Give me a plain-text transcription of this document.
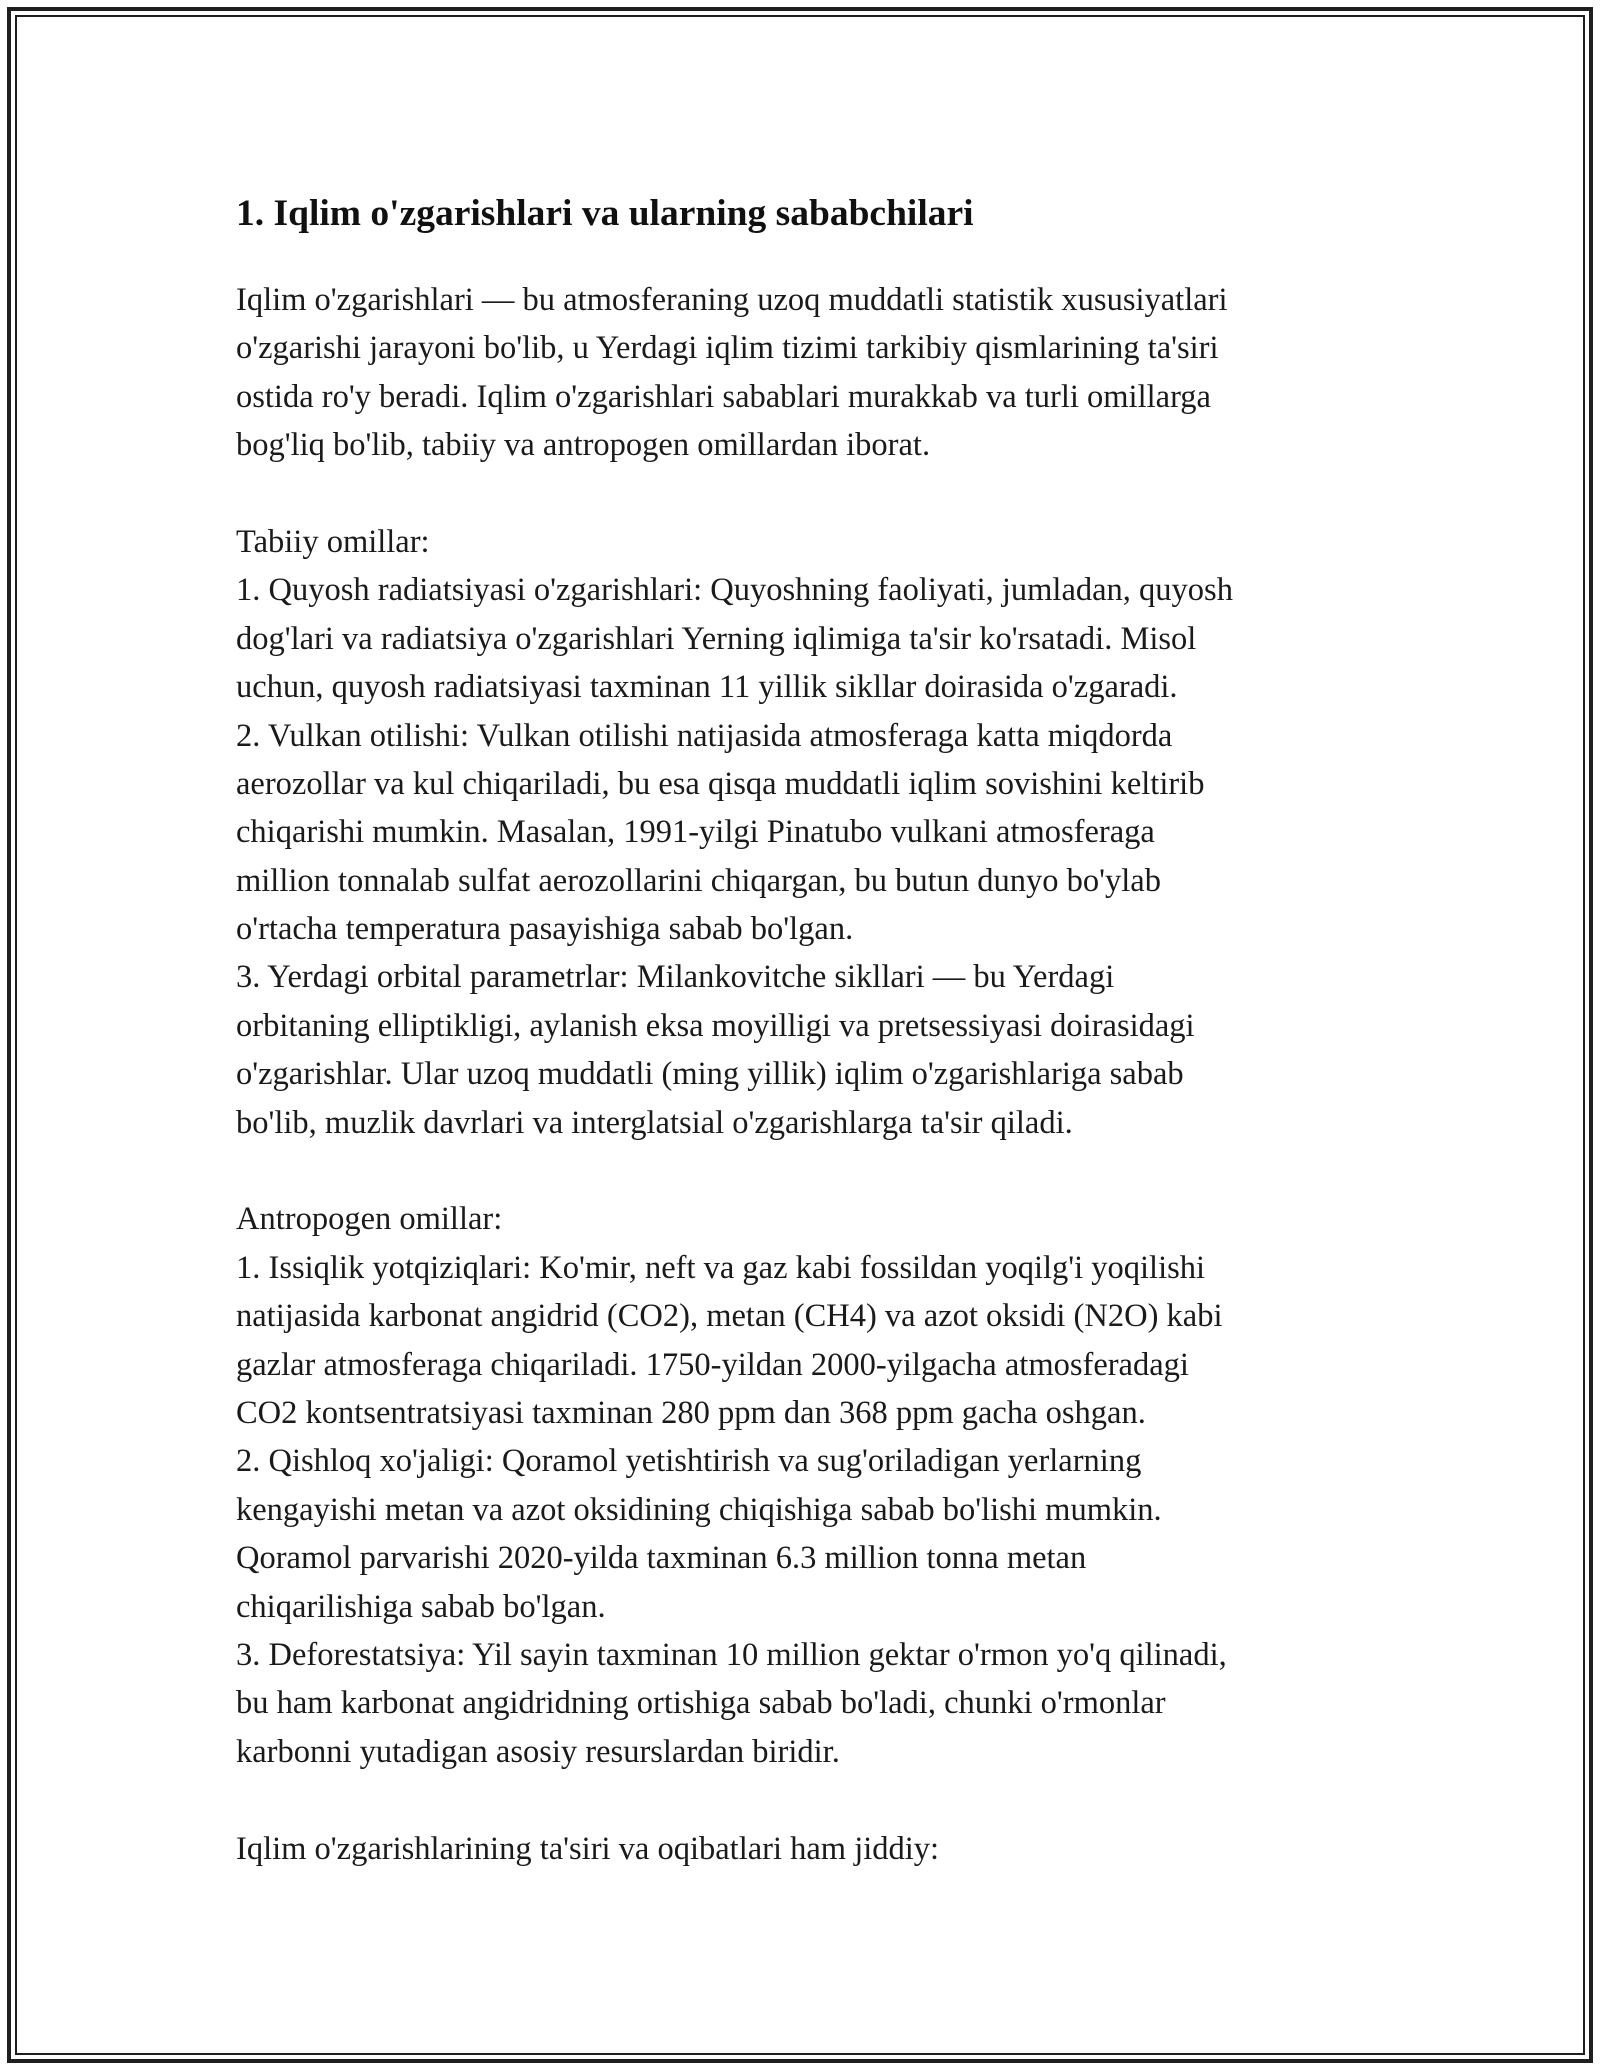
1. Iqlim o'zgarishlari va ularning sababchilari

Iqlim o'zgarishlari — bu atmosferaning uzoq muddatli statistik xususiyatlari
o'zgarishi jarayoni bo'lib, u Yerdagi iqlim tizimi tarkibiy qismlarining ta'siri
ostida ro'y beradi. Iqlim o'zgarishlari sabablari murakkab va turli omillarga
bog'liq bo'lib, tabiiy va antropogen omillardan iborat.

Tabiiy omillar:
1. Quyosh radiatsiyasi o'zgarishlari: Quyoshning faoliyati, jumladan, quyosh
dog'lari va radiatsiya o'zgarishlari Yerning iqlimiga ta'sir ko'rsatadi. Misol
uchun, quyosh radiatsiyasi taxminan 11 yillik sikllar doirasida o'zgaradi.
2. Vulkan otilishi: Vulkan otilishi natijasida atmosferaga katta miqdorda
aerozollar va kul chiqariladi, bu esa qisqa muddatli iqlim sovishini keltirib
chiqarishi mumkin. Masalan, 1991-yilgi Pinatubo vulkani atmosferaga
million tonnalab sulfat aerozollarini chiqargan, bu butun dunyo bo'ylab
o'rtacha temperatura pasayishiga sabab bo'lgan.
3. Yerdagi orbital parametrlar: Milankovitche sikllari — bu Yerdagi
orbitaning elliptikligi, aylanish eksa moyilligi va pretsessiyasi doirasidagi
o'zgarishlar. Ular uzoq muddatli (ming yillik) iqlim o'zgarishlariga sabab
bo'lib, muzlik davrlari va interglatsial o'zgarishlarga ta'sir qiladi.

Antropogen omillar:
1. Issiqlik yotqiziqlari: Ko'mir, neft va gaz kabi fossildan yoqilg'i yoqilishi
natijasida karbonat angidrid (CO2), metan (CH4) va azot oksidi (N2O) kabi
gazlar atmosferaga chiqariladi. 1750-yildan 2000-yilgacha atmosferadagi
CO2 kontsentratsiyasi taxminan 280 ppm dan 368 ppm gacha oshgan.
2. Qishloq xo'jaligi: Qoramol yetishtirish va sug'oriladigan yerlarning
kengayishi metan va azot oksidining chiqishiga sabab bo'lishi mumkin.
Qoramol parvarishi 2020-yilda taxminan 6.3 million tonna metan
chiqarilishiga sabab bo'lgan.
3. Deforestatsiya: Yil sayin taxminan 10 million gektar o'rmon yo'q qilinadi,
bu ham karbonat angidridning ortishiga sabab bo'ladi, chunki o'rmonlar
karbonni yutadigan asosiy resurslardan biridir.

Iqlim o'zgarishlarining ta'siri va oqibatlari ham jiddiy:
